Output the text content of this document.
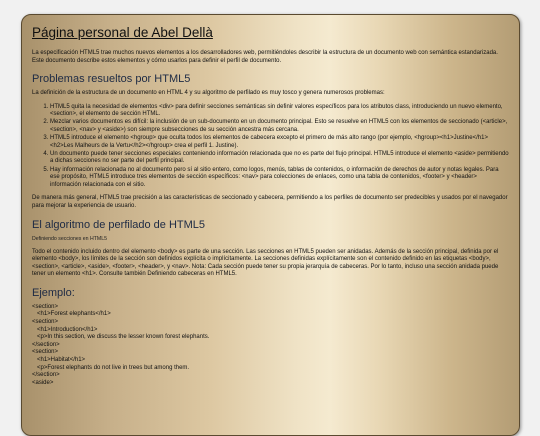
Página personal de Abel Dellà

La especificación HTML5 trae muchos nuevos elementos a los desarrolladores web, permitiéndoles describir la estructura de un documento web con semántica estandarizada. Este documento describe estos elementos y cómo usarlos para definir el perfil de documento.

Problemas resueltos por HTML5

La definición de la estructura de un documento en HTML 4 y su algoritmo de perfilado es muy tosco y genera numerosos problemas:

1. HTML5 quita la necesidad de elementos <div> para definir secciones semánticas sin definir valores específicos para los atributos class, introduciendo un nuevo elemento, <section>, el elemento de sección HTML.
2. Mezclar varios documentos es difícil: la inclusión de un sub-documento en un documento principal. Esto se resuelve en HTML5 con los elementos de seccionado (<article>, <section>, <nav> y <aside>) son siempre subsecciones de su sección ancestra más cercana.
3. HTML5 introduce el elemento <hgroup> que oculta todos los elementos de cabecera excepto el primero de más alto rango (por ejemplo, <hgroup><h1>Justine</h1><h2>Les Malheurs de la Vertu</h2></hgroup> crea el perfil 1. Justine).
4. Un documento puede tener secciones especiales conteniendo información relacionada que no es parte del flujo principal. HTML5 introduce el elemento <aside> permitiendo a dichas secciones no ser parte del perfil principal.
5. Hay información relacionada no al documento pero sí al sitio entero, como logos, menús, tablas de contenidos, o información de derechos de autor y notas legales. Para ese propósito, HTML5 introduce tres elementos de sección específicos: <nav> para colecciones de enlaces, como una tabla de contenidos, <footer> y <header> información relacionada con el sitio.

De manera más general, HTML5 trae precisión a las características de seccionado y cabecera, permitiendo a los perfiles de documento ser predecibles y usados por el navegador para mejorar la experiencia de usuario.

El algoritmo de perfilado de HTML5
Definiendo secciones en HTML5

Todo el contenido incluido dentro del elemento <body> es parte de una sección. Las secciones en HTML5 pueden ser anidadas. Además de la sección principal, definida por el elemento <body>, los límites de la sección son definidos explícita o implícitamente. La secciones definidas explícitamente son el contenido definido en las etiquetas <body>, <section>, <article>, <aside>, <footer>, <header>, y <nav>. Nota: Cada sección puede tener su propia jerarquía de cabeceras. Por lo tanto, incluso una sección anidada puede tener un elemento <h1>. Consulte también Definiendo cabeceras en HTML5.

Ejemplo:
<section>
<h1>Forest elephants</h1>
<section>
<h1>Introduction</h1>
<p>In this section, we discuss the lesser known forest elephants.
</section>
<section>
<h1>Habitat</h1>
<p>Forest elephants do not live in trees but among them.
</section>
<aside>
